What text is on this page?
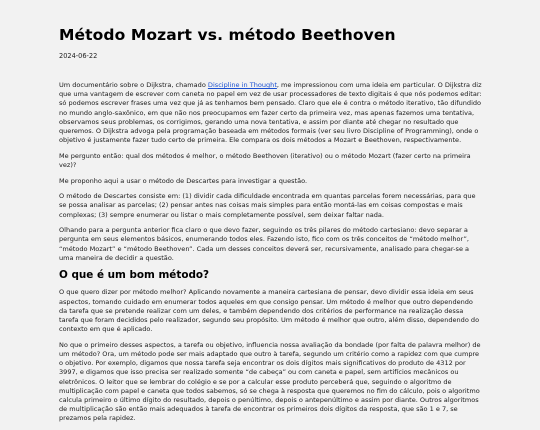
Método Mozart vs. método Beethoven
2024-06-22

Um documentário sobre o Dijkstra, chamado Discipline in Thought, me impressionou com uma ideia em particular. O Dijkstra diz que uma vantagem de escrever com caneta no papel em vez de usar processadores de texto digitais é que nós podemos editar: só podemos escrever frases uma vez que já as tenhamos bem pensado. Claro que ele é contra o método iterativo, tão difundido no mundo anglo-saxônico, em que não nos preocupamos em fazer certo da primeira vez, mas apenas fazemos uma tentativa, observamos seus problemas, os corrigimos, gerando uma nova tentativa, e assim por diante até chegar no resultado que queremos. O Dijkstra advoga pela programação baseada em métodos formais (ver seu livro Discipline of Programming), onde o objetivo é justamente fazer tudo certo de primeira. Ele compara os dois métodos a Mozart e Beethoven, respectivamente.

Me pergunto então: qual dos métodos é melhor, o método Beethoven (iterativo) ou o método Mozart (fazer certo na primeira vez)?

Me proponho aqui a usar o método de Descartes para investigar a questão.

O método de Descartes consiste em: (1) dividir cada dificuldade encontrada em quantas parcelas forem necessárias, para que se possa analisar as parcelas; (2) pensar antes nas coisas mais simples para então montá-las em coisas compostas e mais complexas; (3) sempre enumerar ou listar o mais completamente possível, sem deixar faltar nada.

Olhando para a pergunta anterior fica claro o que devo fazer, seguindo os três pilares do método cartesiano: devo separar a pergunta em seus elementos básicos, enumerando todos eles. Fazendo isto, fico com os três conceitos de “método melhor”, “método Mozart” e “método Beethoven”. Cada um desses conceitos deverá ser, recursivamente, analisado para chegar-se a uma maneira de decidir a questão.

O que é um bom método?

O que quero dizer por método melhor? Aplicando novamente a maneira cartesiana de pensar, devo dividir essa ideia em seus aspectos, tomando cuidado em enumerar todos aqueles em que consigo pensar. Um método é melhor que outro dependendo da tarefa que se pretende realizar com um deles, e também dependendo dos critérios de performance na realização dessa tarefa que foram decididos pelo realizador, segundo seu propósito. Um método é melhor que outro, além disso, dependendo do contexto em que é aplicado.

No que o primeiro desses aspectos, a tarefa ou objetivo, influencia nossa avaliação da bondade (por falta de palavra melhor) de um método? Ora, um método pode ser mais adaptado que outro à tarefa, segundo um critério como a rapidez com que cumpre o objetivo. Por exemplo, digamos que nossa tarefa seja encontrar os dois dígitos mais significativos do produto de 4312 por 3997, e digamos que isso precisa ser realizado somente “de cabeça” ou com caneta e papel, sem artifícios mecânicos ou eletrônicos. O leitor que se lembrar do colégio e se por a calcular esse produto perceberá que, seguindo o algoritmo de multiplicação com papel e caneta que todos sabemos, só se chega à resposta que queremos no fim do cálculo, pois o algoritmo calcula primeiro o último dígito do resultado, depois o penúltimo, depois o antepenúltimo e assim por diante. Outros algoritmos de multiplicação são então mais adequados à tarefa de encontrar os primeiros dois dígitos da resposta, que são 1 e 7, se prezamos pela rapidez.
